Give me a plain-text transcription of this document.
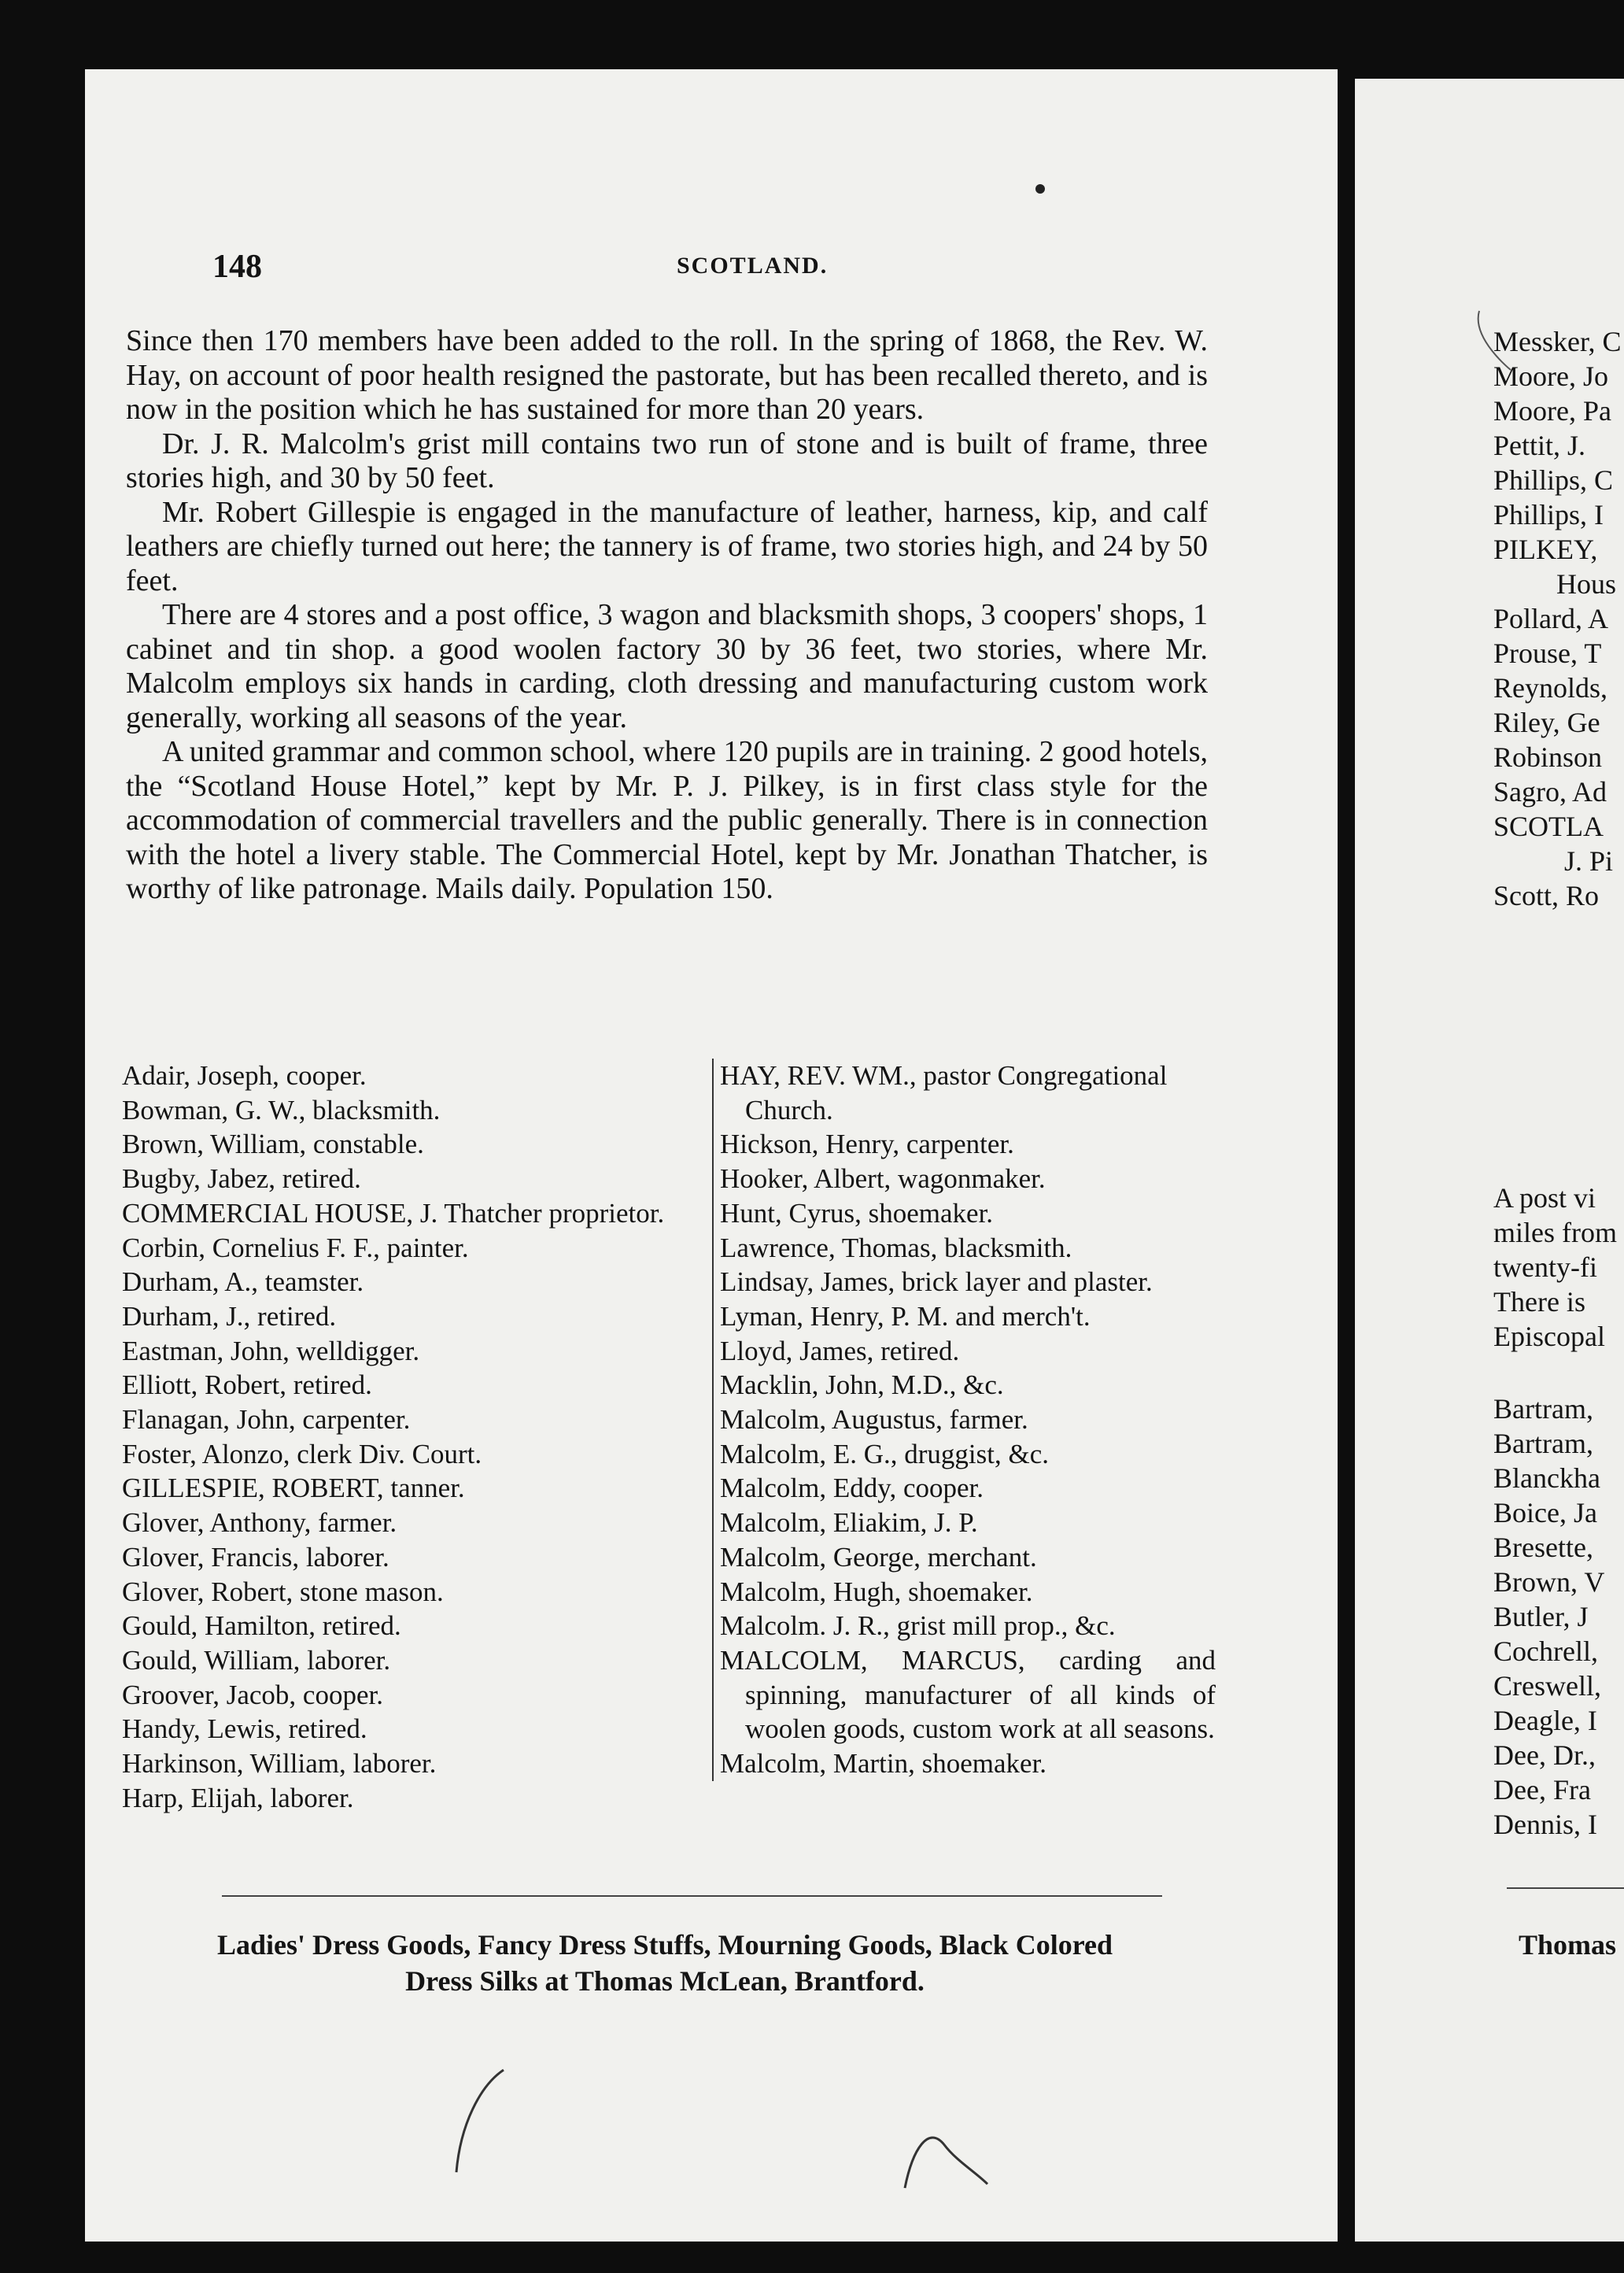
148	SCOTLAND.

Since then 170 members have been added to the roll. In the spring of 1868, the Rev. W. Hay, on account of poor health resigned the pastorate, but has been recalled thereto, and is now in the position which he has sustained for more than 20 years.

Dr. J. R. Malcolm's grist mill contains two run of stone and is built of frame, three stories high, and 30 by 50 feet.

Mr. Robert Gillespie is engaged in the manufacture of leather, harness, kip, and calf leathers are chiefly turned out here; the tannery is of frame, two stories high, and 24 by 50 feet.

There are 4 stores and a post office, 3 wagon and blacksmith shops, 3 coopers' shops, 1 cabinet and tin shop. a good woolen factory 30 by 36 feet, two stories, where Mr. Malcolm employs six hands in carding, cloth dressing and manufacturing custom work generally, working all seasons of the year.

A united grammar and common school, where 120 pupils are in training. 2 good hotels, the “Scotland House Hotel,” kept by Mr. P. J. Pilkey, is in first class style for the accommodation of commercial travellers and the public generally. There is in connection with the hotel a livery stable. The Commercial Hotel, kept by Mr. Jonathan Thatcher, is worthy of like patronage. Mails daily. Population 150.

Adair, Joseph, cooper.
Bowman, G. W., blacksmith.
Brown, William, constable.
Bugby, Jabez, retired.
COMMERCIAL HOUSE, J. Thatcher proprietor.
Corbin, Cornelius F. F., painter.
Durham, A., teamster.
Durham, J., retired.
Eastman, John, welldigger.
Elliott, Robert, retired.
Flanagan, John, carpenter.
Foster, Alonzo, clerk Div. Court.
GILLESPIE, ROBERT, tanner.
Glover, Anthony, farmer.
Glover, Francis, laborer.
Glover, Robert, stone mason.
Gould, Hamilton, retired.
Gould, William, laborer.
Groover, Jacob, cooper.
Handy, Lewis, retired.
Harkinson, William, laborer.
Harp, Elijah, laborer.
HAY, REV. WM., pastor Congregational Church.
Hickson, Henry, carpenter.
Hooker, Albert, wagonmaker.
Hunt, Cyrus, shoemaker.
Lawrence, Thomas, blacksmith.
Lindsay, James, brick layer and plaster.
Lyman, Henry, P. M. and merch't.
Lloyd, James, retired.
Macklin, John, M.D., &c.
Malcolm, Augustus, farmer.
Malcolm, E. G., druggist, &c.
Malcolm, Eddy, cooper.
Malcolm, Eliakim, J. P.
Malcolm, George, merchant.
Malcolm, Hugh, shoemaker.
Malcolm. J. R., grist mill prop., &c.
MALCOLM, MARCUS, carding and spinning, manufacturer of all kinds of woolen goods, custom work at all seasons.
Malcolm, Martin, shoemaker.
Ladies' Dress Goods, Fancy Dress Stuffs, Mourning Goods, Black Colored
Dress Silks at Thomas McLean, Brantford.
Messker, C
Moore, Jo
Moore, Pa
Pettit, J.
Phillips, C
Phillips, I
PILKEY,
Hous
Pollard, A
Prouse, T
Reynolds,
Riley, Ge
Robinson
Sagro, Ad
SCOTLA
J. Pi
Scott, Ro
A post vi
miles from
twenty-fi
There is
Episcopal
Bartram,
Bartram,
Blanckha
Boice, Ja
Bresette,
Brown, V
Butler, J
Cochrell,
Creswell,
Deagle, I
Dee, Dr.,
Dee, Fra
Dennis, I
Thomas
